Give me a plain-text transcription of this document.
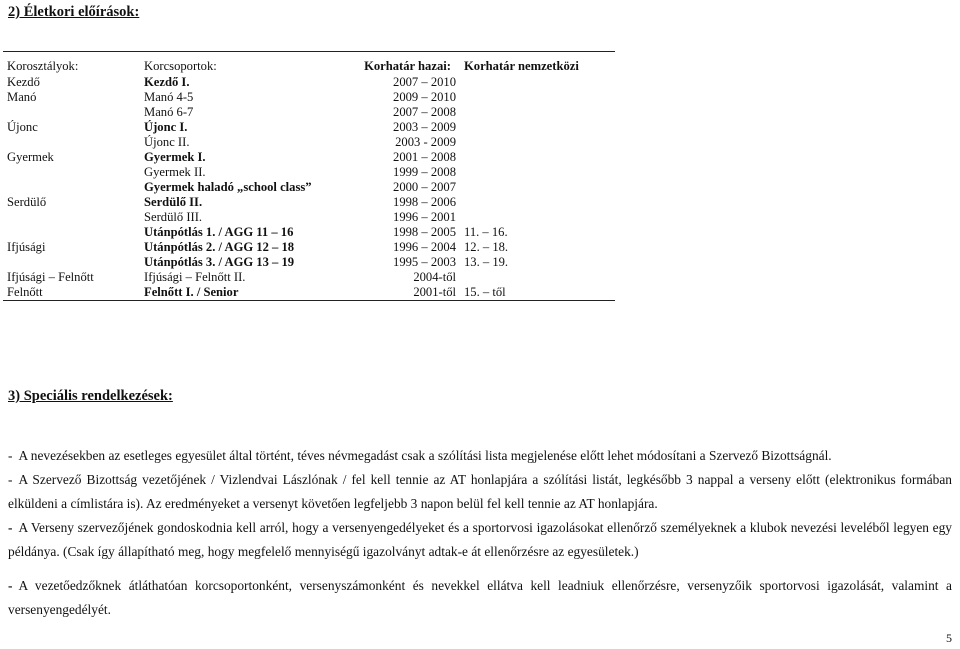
2) Életkori előírások:
Korosztályok:	Korcsoportok:	Korhatár hazai:	Korhatár nemzetközi
Kezdő	Kezdő I.	2007 – 2010	
Manó	Manó 4-5	2009 – 2010	
	Manó 6-7	2007 – 2008	
Újonc	Újonc I.	2003 – 2009	
	Újonc II.	2003 - 2009	
Gyermek	Gyermek I.	2001 – 2008	
	Gyermek II.	1999 – 2008	
	Gyermek haladó „school class”	2000 – 2007	
Serdülő	Serdülő II.	1998 – 2006	
	Serdülő III.	1996 – 2001	
	Utánpótlás 1. / AGG 11 – 16	1998 – 2005	11. – 16.
Ifjúsági	Utánpótlás 2. / AGG 12 – 18	1996 – 2004	12. – 18.
	Utánpótlás 3. / AGG 13 – 19	1995 – 2003	13. – 19.
Ifjúsági – Felnőtt	Ifjúsági – Felnőtt II.	2004-től	
Felnőtt	Felnőtt I. / Senior	2001-től	15. – től
3) Speciális rendelkezések:
- A nevezésekben az esetleges egyesület által történt, téves névmegadást csak a szólítási lista megjelenése előtt lehet módosítani a Szervező Bizottságnál.
- A Szervező Bizottság vezetőjének / Vizlendvai Lászlónak / fel kell tennie az AT honlapjára a szólítási listát, legkésőbb 3 nappal a verseny előtt (elektronikus formában elküldeni a címlistára is). Az eredményeket a versenyt követően legfeljebb 3 napon belül fel kell tennie az AT honlapjára.
- A Verseny szervezőjének gondoskodnia kell arról, hogy a versenyengedélyeket és a sportorvosi igazolásokat ellenőrző személyeknek a klubok nevezési leveléből legyen egy példánya. (Csak így állapítható meg, hogy megfelelő mennyiségű igazolványt adtak-e át ellenőrzésre az egyesületek.)
- A vezetőedzőknek átláthatóan korcsoportonként, versenyszámonként és nevekkel ellátva kell leadniuk ellenőrzésre, versenyzőik sportorvosi igazolását, valamint a versenyengedélyét.
5
